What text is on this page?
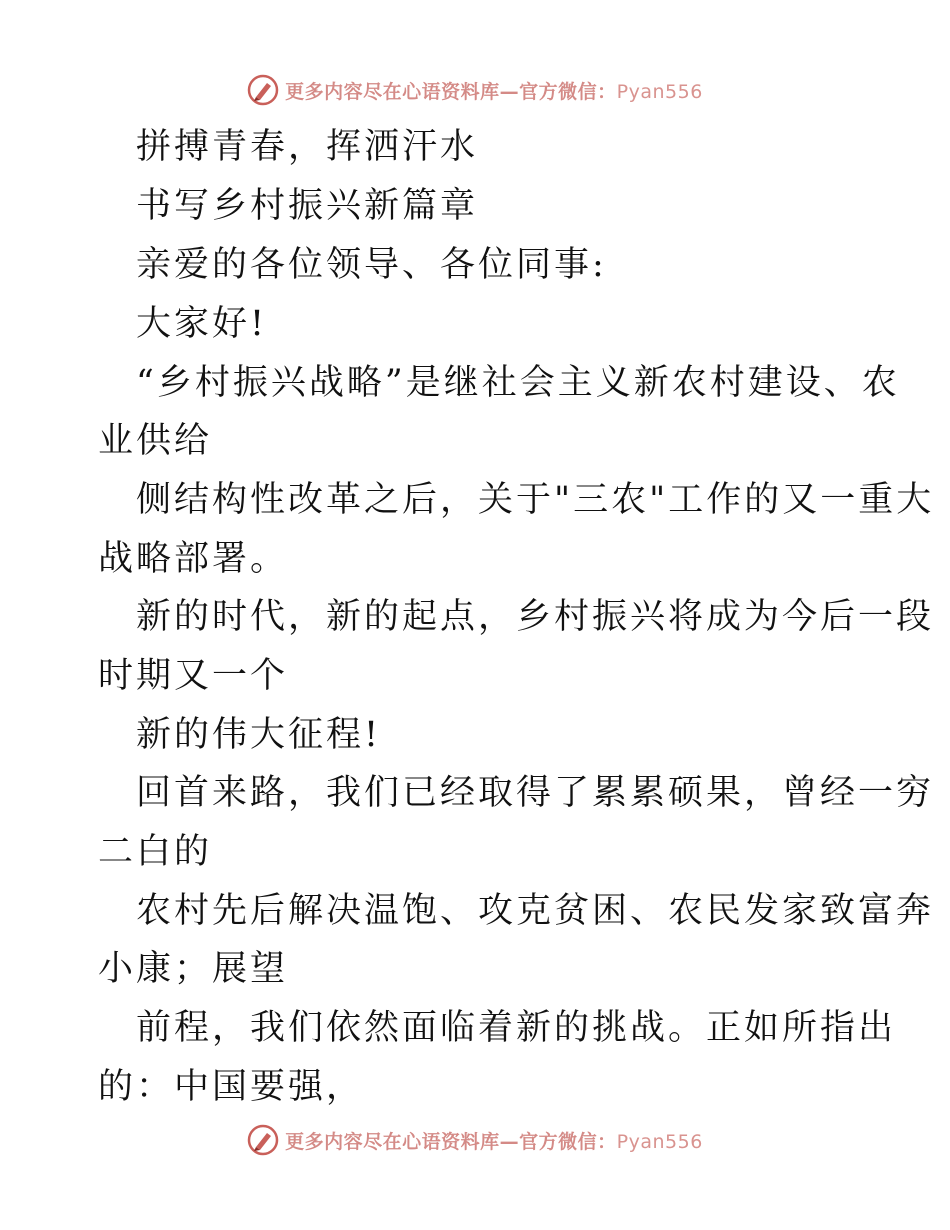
更多内容尽在心语资料库—官方微信：Pyan556
拼搏青春，挥洒汗水
书写乡村振兴新篇章
亲爱的各位领导、各位同事:
大家好!
“乡村振兴战略”是继社会主义新农村建设、农
业供给
侧结构性改革之后，关于"三农"工作的又一重大
战略部署。
新的时代，新的起点，乡村振兴将成为今后一段
时期又一个
新的伟大征程!
回首来路，我们已经取得了累累硕果，曾经一穷
二白的
农村先后解决温饱、攻克贫困、农民发家致富奔
小康；展望
前程，我们依然面临着新的挑战。正如所指出
的：中国要强，
更多内容尽在心语资料库—官方微信：Pyan556
